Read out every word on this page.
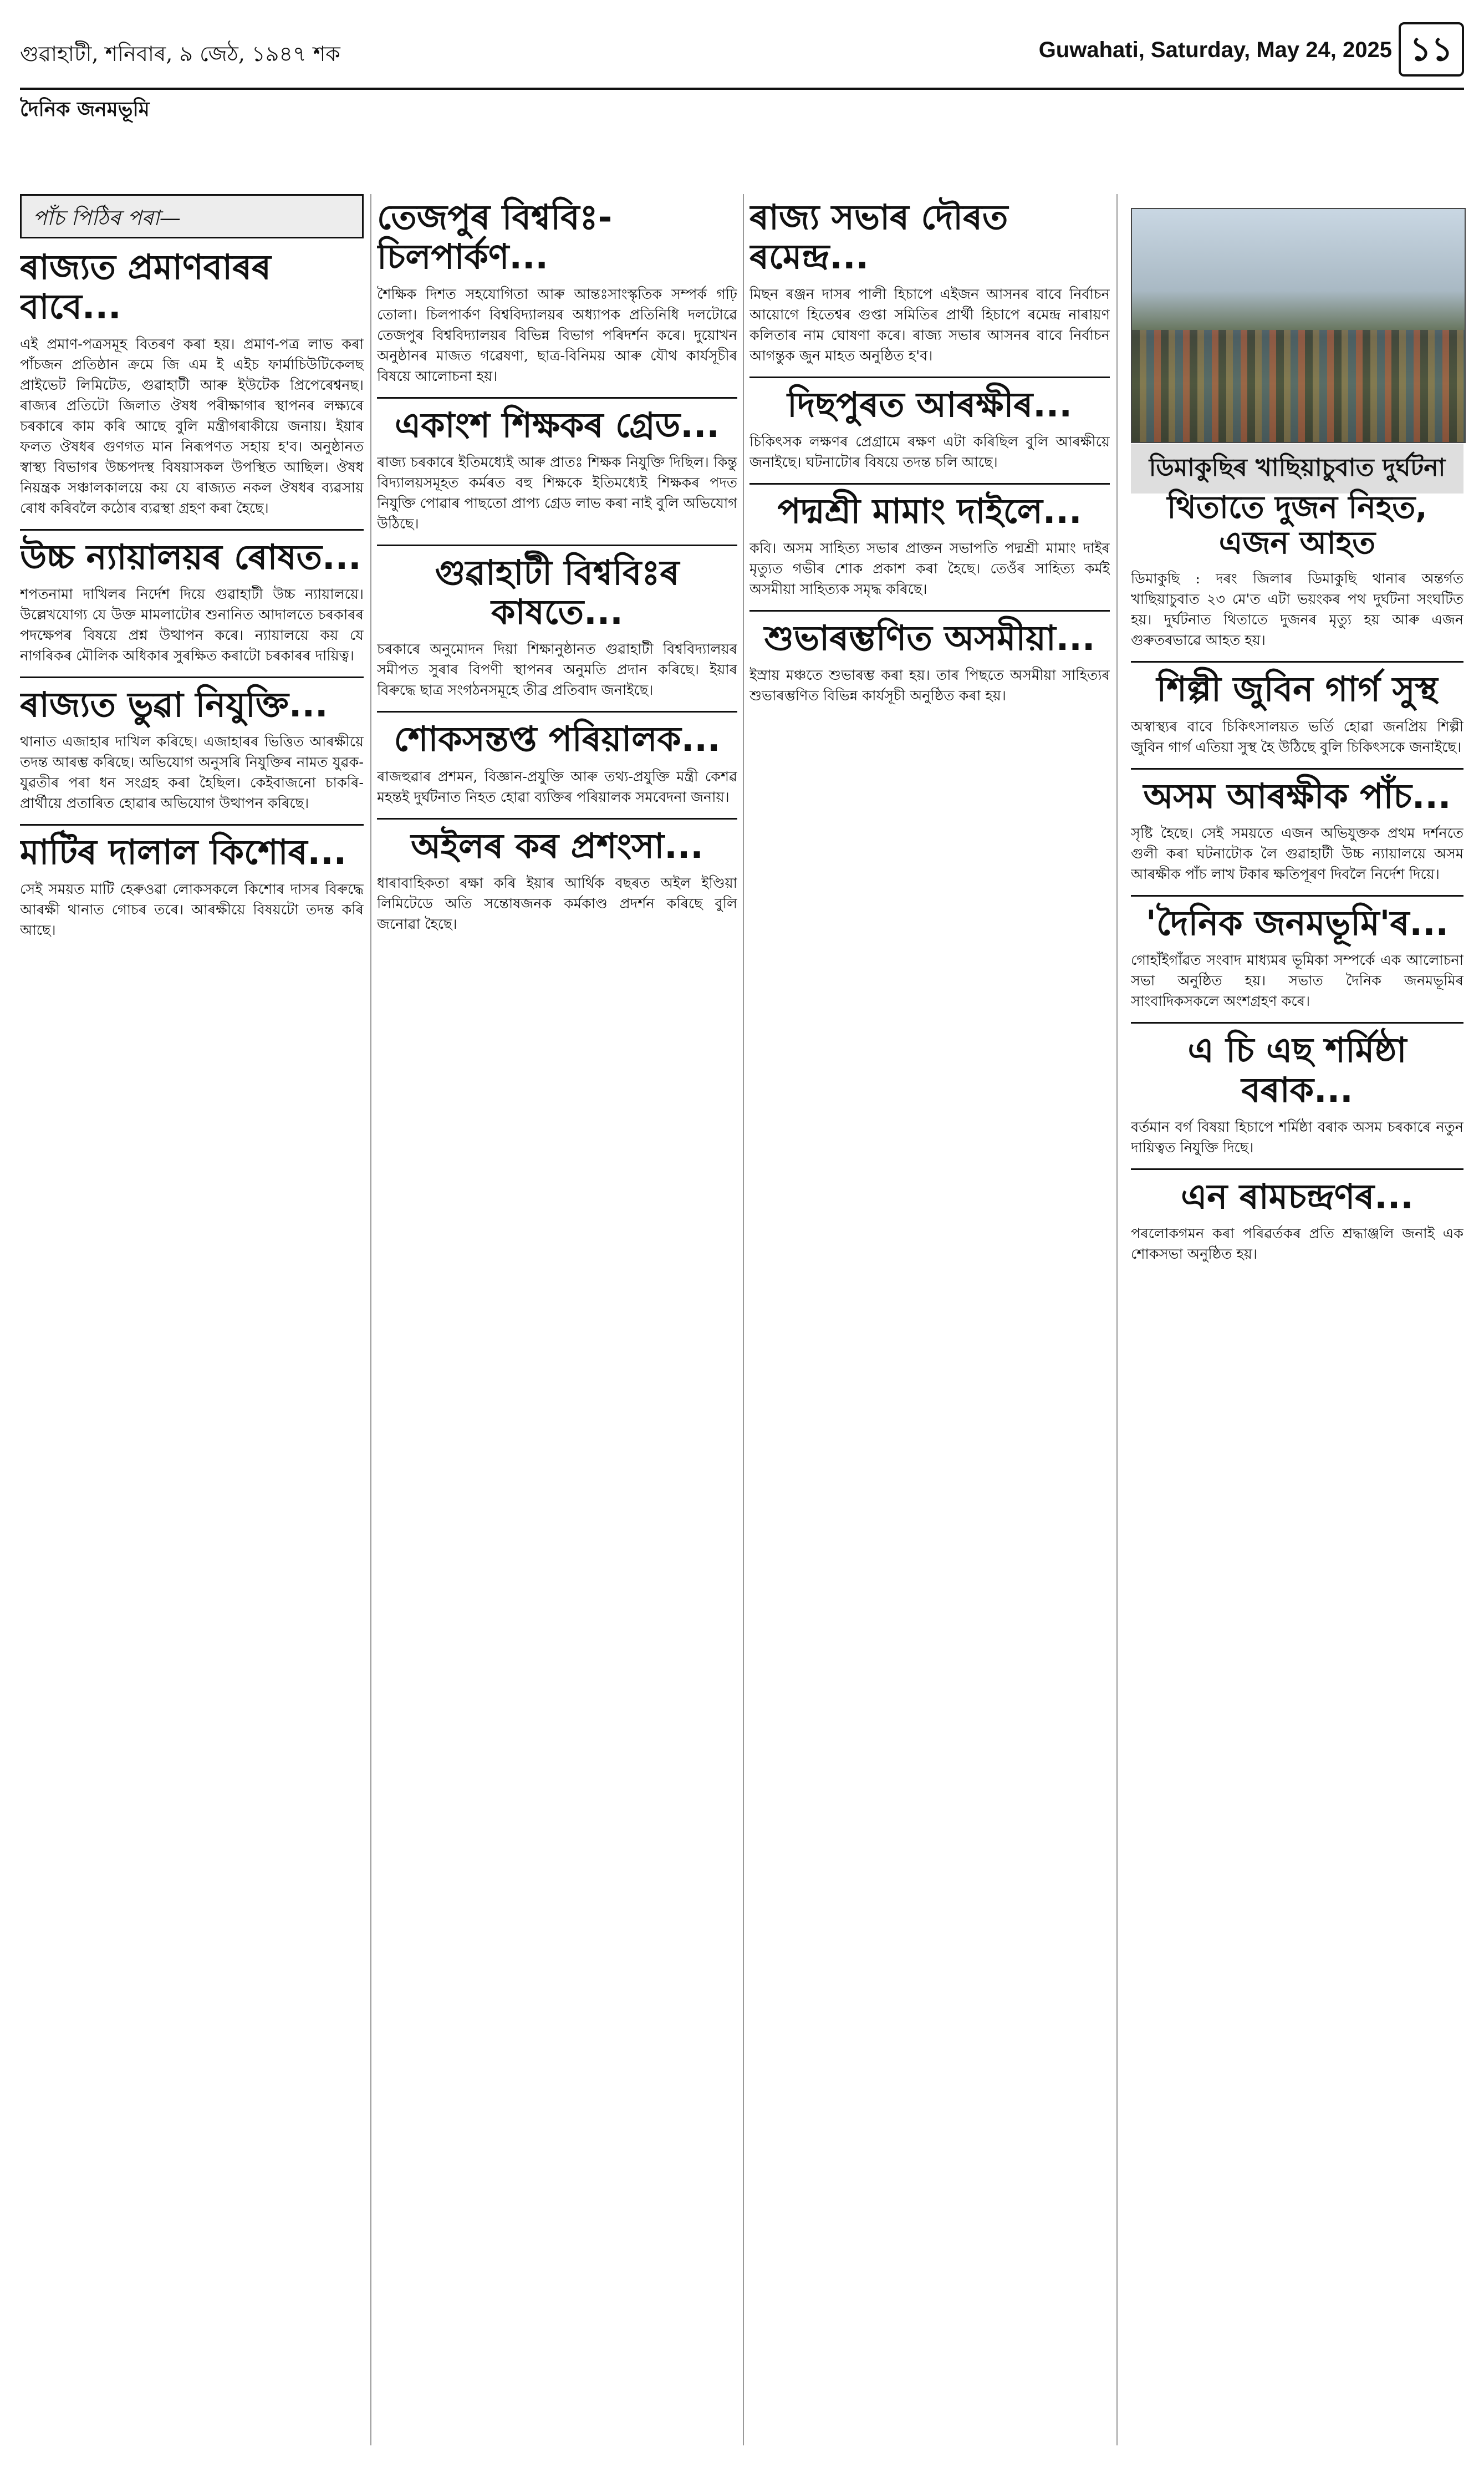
গুৱাহাটী, শনিবাৰ, ৯ জেঠ, ১৯৪৭ শক	Guwahati, Saturday, May 24, 2025 ১১
দৈনিক জনমভূমি
পাঁচ পিঠিৰ পৰা—
ৰাজ্যত প্ৰমাণবাৰৰ বাবে...

এই প্ৰমাণ-পত্ৰসমূহ বিতৰণ কৰা হয়। প্ৰমাণ-পত্ৰ লাভ কৰা পাঁচজন প্ৰতিষ্ঠান ক্ৰমে জি এম ই এইচ ফাৰ্মাচিউটিকেলছ প্ৰাইভেট লিমিটেড, গুৱাহাটী আৰু ইউটেক প্ৰিপেৰেশ্বনছ। ৰাজ্যৰ প্ৰতিটো জিলাত ঔষধ পৰীক্ষাগাৰ স্থাপনৰ লক্ষ্যৰে চৰকাৰে কাম কৰি আছে বুলি মন্ত্ৰীগৰাকীয়ে জনায়। ইয়াৰ ফলত ঔষধৰ গুণগত মান নিৰূপণত সহায় হ'ব। অনুষ্ঠানত স্বাস্থ্য বিভাগৰ উচ্চপদস্থ বিষয়াসকল উপস্থিত আছিল। ঔষধ নিয়ন্ত্ৰক সঞ্চালকালয়ে কয় যে ৰাজ্যত নকল ঔষধৰ ব্যৱসায় ৰোধ কৰিবলৈ কঠোৰ ব্যৱস্থা গ্ৰহণ কৰা হৈছে।

উচ্চ ন্যায়ালয়ৰ ৰোষত...

শপতনামা দাখিলৰ নিৰ্দেশ দিয়ে গুৱাহাটী উচ্চ ন্যায়ালয়ে। উল্লেখযোগ্য যে উক্ত মামলাটোৰ শুনানিত আদালতে চৰকাৰৰ পদক্ষেপৰ বিষয়ে প্ৰশ্ন উত্থাপন কৰে। ন্যায়ালয়ে কয় যে নাগৰিকৰ মৌলিক অধিকাৰ সুৰক্ষিত কৰাটো চৰকাৰৰ দায়িত্ব।

ৰাজ্যত ভুৱা নিযুক্তি...

থানাত এজাহাৰ দাখিল কৰিছে। এজাহাৰৰ ভিত্তিত আৰক্ষীয়ে তদন্ত আৰম্ভ কৰিছে। অভিযোগ অনুসৰি নিযুক্তিৰ নামত যুৱক-যুৱতীৰ পৰা ধন সংগ্ৰহ কৰা হৈছিল। কেইবাজনো চাকৰি-প্ৰাৰ্থীয়ে প্ৰতাৰিত হোৱাৰ অভিযোগ উত্থাপন কৰিছে।

মাটিৰ দালাল কিশোৰ...

সেই সময়ত মাটি হেৰুওৱা লোকসকলে কিশোৰ দাসৰ বিৰুদ্ধে আৰক্ষী থানাত গোচৰ তৰে। আৰক্ষীয়ে বিষয়টো তদন্ত কৰি আছে।

তেজপুৰ বিশ্ববিঃ-চিলপাৰ্কণ...

শৈক্ষিক দিশত সহযোগিতা আৰু আন্তঃসাংস্কৃতিক সম্পৰ্ক গঢ়ি তোলা। চিলপাৰ্কণ বিশ্ববিদ্যালয়ৰ অধ্যাপক প্ৰতিনিধি দলটোৱে তেজপুৰ বিশ্ববিদ্যালয়ৰ বিভিন্ন বিভাগ পৰিদৰ্শন কৰে। দুয়োখন অনুষ্ঠানৰ মাজত গৱেষণা, ছাত্ৰ-বিনিময় আৰু যৌথ কাৰ্যসূচীৰ বিষয়ে আলোচনা হয়।

একাংশ শিক্ষকৰ গ্ৰেড...

ৰাজ্য চৰকাৰে ইতিমধ্যেই আৰু প্ৰাতঃ শিক্ষক নিযুক্তি দিছিল। কিন্তু বিদ্যালয়সমূহত কৰ্মৰত বহু শিক্ষকে ইতিমধ্যেই শিক্ষকৰ পদত নিযুক্তি পোৱাৰ পাছতো প্ৰাপ্য গ্ৰেড লাভ কৰা নাই বুলি অভিযোগ উঠিছে।

গুৱাহাটী বিশ্ববিঃৰ কাষতে...

চৰকাৰে অনুমোদন দিয়া শিক্ষানুষ্ঠানত গুৱাহাটী বিশ্ববিদ্যালয়ৰ সমীপত সুৰাৰ বিপণী স্থাপনৰ অনুমতি প্ৰদান কৰিছে। ইয়াৰ বিৰুদ্ধে ছাত্ৰ সংগঠনসমূহে তীব্ৰ প্ৰতিবাদ জনাইছে।

শোকসন্তপ্ত পৰিয়ালক...

ৰাজহুৱাৰ প্ৰশমন, বিজ্ঞান-প্ৰযুক্তি আৰু তথ্য-প্ৰযুক্তি মন্ত্ৰী কেশৱ মহন্তই দুৰ্ঘটনাত নিহত হোৱা ব্যক্তিৰ পৰিয়ালক সমবেদনা জনায়।

অইলৰ কৰ প্ৰশংসা...

ধাৰাবাহিকতা ৰক্ষা কৰি ইয়াৰ আৰ্থিক বছৰত অইল ইণ্ডিয়া লিমিটেডে অতি সন্তোষজনক কৰ্মকাণ্ড প্ৰদৰ্শন কৰিছে বুলি জনোৱা হৈছে।

ৰাজ্য সভাৰ দৌৰত ৰমেন্দ্ৰ...

মিছন ৰঞ্জন দাসৰ পালী হিচাপে এইজন আসনৰ বাবে নিৰ্বাচন আয়োগে হিতেশ্বৰ গুপ্তা সমিতিৰ প্ৰাৰ্থী হিচাপে ৰমেন্দ্ৰ নাৰায়ণ কলিতাৰ নাম ঘোষণা কৰে। ৰাজ্য সভাৰ আসনৰ বাবে নিৰ্বাচন আগন্তুক জুন মাহত অনুষ্ঠিত হ'ব।

দিছপুৰত আৰক্ষীৰ...

চিকিৎসক লক্ষণৰ প্ৰেগ্ৰামে ৰক্ষণ এটা কৰিছিল বুলি আৰক্ষীয়ে জনাইছে। ঘটনাটোৰ বিষয়ে তদন্ত চলি আছে।

পদ্মশ্ৰী মামাং দাইলে...

কবি। অসম সাহিত্য সভাৰ প্ৰাক্তন সভাপতি পদ্মশ্ৰী মামাং দাইৰ মৃত্যুত গভীৰ শোক প্ৰকাশ কৰা হৈছে। তেওঁৰ সাহিত্য কৰ্মই অসমীয়া সাহিত্যক সমৃদ্ধ কৰিছে।

শুভাৰম্ভণিত অসমীয়া...

ইস্ৰায় মঞ্চতে শুভাৰম্ভ কৰা হয়। তাৰ পিছতে অসমীয়া সাহিত্যৰ শুভাৰম্ভণিত বিভিন্ন কাৰ্যসূচী অনুষ্ঠিত কৰা হয়।

ডিমাকুছিৰ খাছিয়াচুবাত দুৰ্ঘটনা
থিতাতে দুজন নিহত, এজন আহত

ডিমাকুছি : দৰং জিলাৰ ডিমাকুছি থানাৰ অন্তৰ্গত খাছিয়াচুবাত ২৩ মে'ত এটা ভয়ংকৰ পথ দুৰ্ঘটনা সংঘটিত হয়। দুৰ্ঘটনাত থিতাতে দুজনৰ মৃত্যু হয় আৰু এজন গুৰুতৰভাৱে আহত হয়।

শিল্পী জুবিন গাৰ্গ সুস্থ

অস্বাস্থ্যৰ বাবে চিকিৎসালয়ত ভৰ্তি হোৱা জনপ্ৰিয় শিল্পী জুবিন গাৰ্গ এতিয়া সুস্থ হৈ উঠিছে বুলি চিকিৎসকে জনাইছে।

অসম আৰক্ষীক পাঁচ...

সৃষ্টি হৈছে। সেই সময়তে এজন অভিযুক্তক প্ৰথম দৰ্শনতে গুলী কৰা ঘটনাটোক লৈ গুৱাহাটী উচ্চ ন্যায়ালয়ে অসম আৰক্ষীক পাঁচ লাখ টকাৰ ক্ষতিপূৰণ দিবলৈ নিৰ্দেশ দিয়ে।

'দৈনিক জনমভূমি'ৰ...

গোহাঁইগাঁৱত সংবাদ মাধ্যমৰ ভূমিকা সম্পৰ্কে এক আলোচনা সভা অনুষ্ঠিত হয়। সভাত দৈনিক জনমভূমিৰ সাংবাদিকসকলে অংশগ্ৰহণ কৰে।

এ চি এছ শৰ্মিষ্ঠা বৰাক...

বৰ্তমান বৰ্গ বিষয়া হিচাপে শৰ্মিষ্ঠা বৰাক অসম চৰকাৰে নতুন দায়িত্বত নিযুক্তি দিছে।

এন ৰামচন্দ্ৰণৰ...

পৰলোকগমন কৰা পৰিৱৰ্তকৰ প্ৰতি শ্ৰদ্ধাঞ্জলি জনাই এক শোকসভা অনুষ্ঠিত হয়।
